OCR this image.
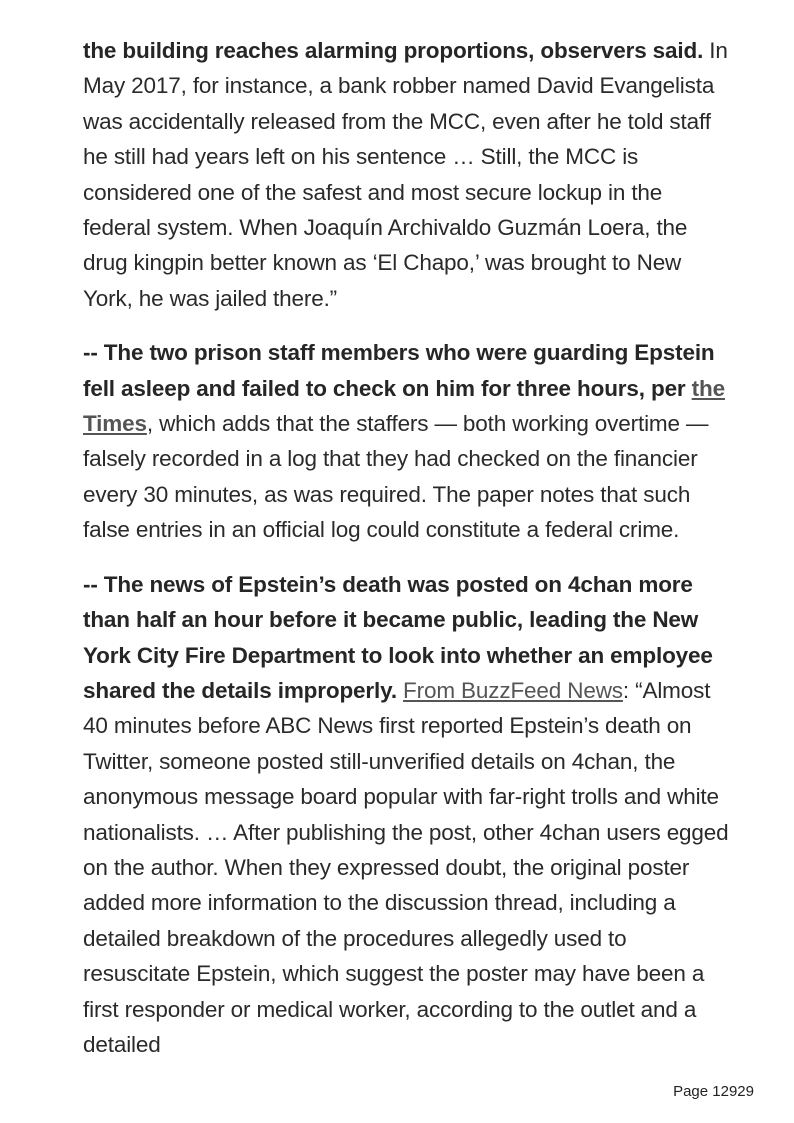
the building reaches alarming proportions, observers said. In May 2017, for instance, a bank robber named David Evangelista was accidentally released from the MCC, even after he told staff he still had years left on his sentence … Still, the MCC is considered one of the safest and most secure lockup in the federal system. When Joaquín Archivaldo Guzmán Loera, the drug kingpin better known as ‘El Chapo,’ was brought to New York, he was jailed there.”

-- The two prison staff members who were guarding Epstein fell asleep and failed to check on him for three hours, per the Times, which adds that the staffers — both working overtime — falsely recorded in a log that they had checked on the financier every 30 minutes, as was required. The paper notes that such false entries in an official log could constitute a federal crime.

-- The news of Epstein’s death was posted on 4chan more than half an hour before it became public, leading the New York City Fire Department to look into whether an employee shared the details improperly. From BuzzFeed News: “Almost 40 minutes before ABC News first reported Epstein’s death on Twitter, someone posted still-unverified details on 4chan, the anonymous message board popular with far-right trolls and white nationalists. … After publishing the post, other 4chan users egged on the author. When they expressed doubt, the original poster added more information to the discussion thread, including a detailed breakdown of the procedures allegedly used to resuscitate Epstein, which suggest the poster may have been a first responder or medical worker, according to the outlet and a detailed

Page 12929
